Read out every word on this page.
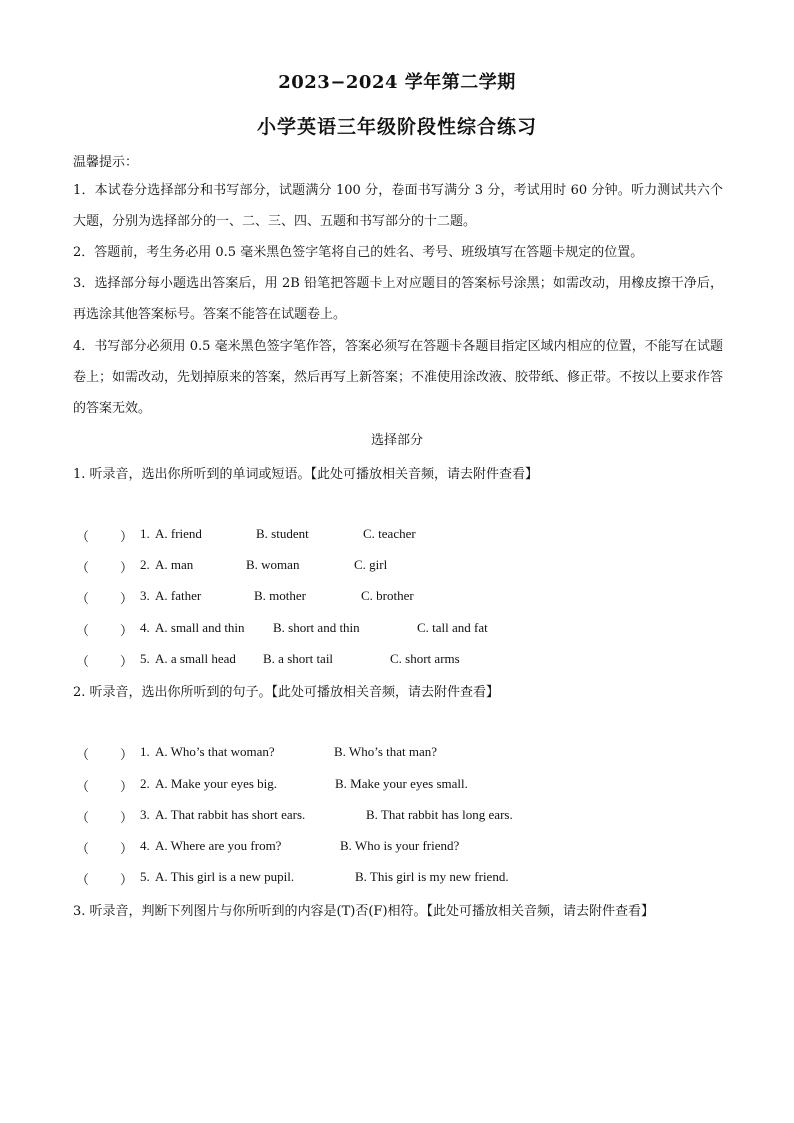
2023−2024 学年第二学期
小学英语三年级阶段性综合练习
温馨提示：
1．本试卷分选择部分和书写部分，试题满分 100 分，卷面书写满分 3 分，考试用时 60 分钟。听力测试共六个大题，分别为选择部分的一、二、三、四、五题和书写部分的十二题。
2．答题前，考生务必用 0.5 毫米黑色签字笔将自己的姓名、考号、班级填写在答题卡规定的位置。
3．选择部分每小题选出答案后，用 2B 铅笔把答题卡上对应题目的答案标号涂黑；如需改动，用橡皮擦干净后，再选涂其他答案标号。答案不能答在试题卷上。
4．书写部分必须用 0.5 毫米黑色签字笔作答，答案必须写在答题卡各题目指定区域内相应的位置，不能写在试题卷上；如需改动，先划掉原来的答案，然后再写上新答案；不准使用涂改液、胶带纸、修正带。不按以上要求作答的答案无效。
选择部分
1. 听录音，选出你所听到的单词或短语。【此处可播放相关音频，请去附件查看】
（ ） 1. A. friend	B. student	C. teacher
（ ） 2. A. man	B. woman	C. girl
（ ） 3. A. father	B. mother	C. brother
（ ） 4. A. small and thin B. short and thin	C. tall and fat
（ ） 5. A. a small head B. a short tail	C. short arms
2. 听录音，选出你所听到的句子。【此处可播放相关音频，请去附件查看】
（ ） 1. A. Who’s that woman?	B. Who’s that man?
（ ） 2. A. Make your eyes big.	B. Make your eyes small.
（ ） 3. A. That rabbit has short ears.	B. That rabbit has long ears.
（ ） 4. A. Where are you from?	B. Who is your friend?
（ ） 5. A. This girl is a new pupil.	B. This girl is my new friend.
3. 听录音，判断下列图片与你所听到的内容是(T)否(F)相符。【此处可播放相关音频，请去附件查看】
